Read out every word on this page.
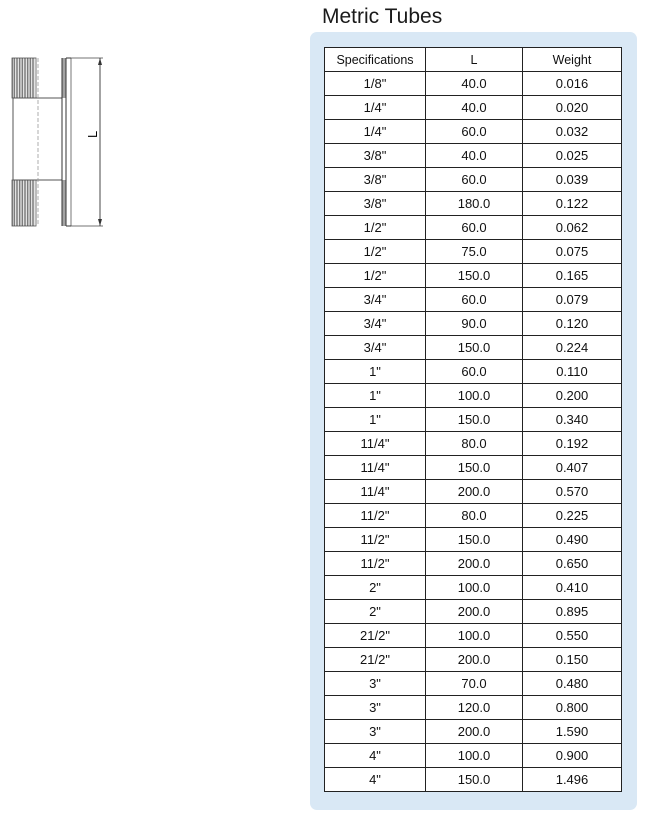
Metric Tubes
L
Specifications	L	Weight
1/8"	40.0	0.016
1/4"	40.0	0.020
1/4"	60.0	0.032
3/8"	40.0	0.025
3/8"	60.0	0.039
3/8"	180.0	0.122
1/2"	60.0	0.062
1/2"	75.0	0.075
1/2"	150.0	0.165
3/4"	60.0	0.079
3/4"	90.0	0.120
3/4"	150.0	0.224
1"	60.0	0.110
1"	100.0	0.200
1"	150.0	0.340
11/4"	80.0	0.192
11/4"	150.0	0.407
11/4"	200.0	0.570
11/2"	80.0	0.225
11/2"	150.0	0.490
11/2"	200.0	0.650
2"	100.0	0.410
2"	200.0	0.895
21/2"	100.0	0.550
21/2"	200.0	0.150
3"	70.0	0.480
3"	120.0	0.800
3"	200.0	1.590
4"	100.0	0.900
4"	150.0	1.496
